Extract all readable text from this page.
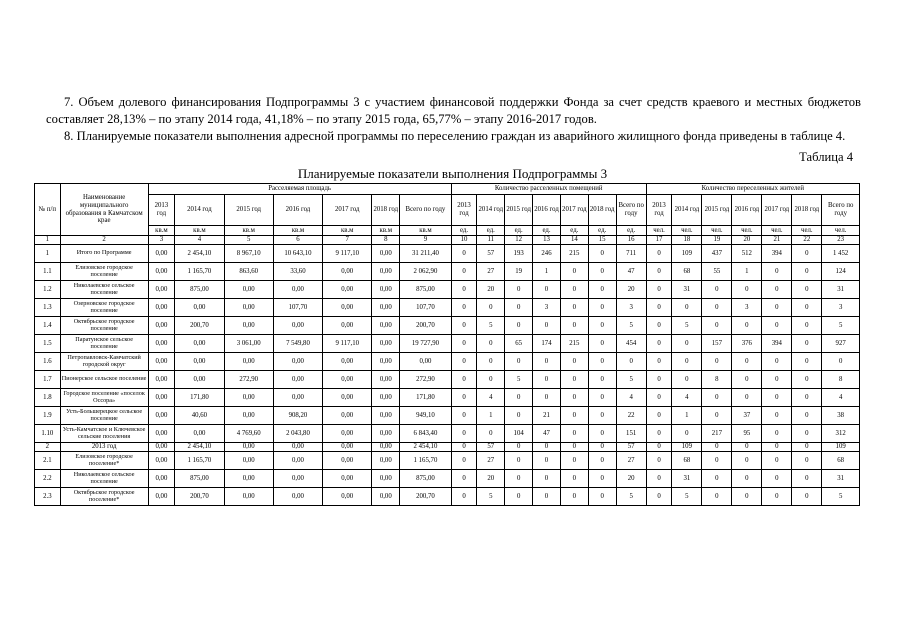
7. Объем долевого финансирования Подпрограммы 3 с участием финансовой поддержки Фонда за счет средств краевого и местных бюджетов составляет 28,13% – по этапу 2014 года, 41,18% – по этапу 2015 года, 65,77% – этапу 2016-2017 годов.

8. Планируемые показатели выполнения адресной программы по переселению граждан из аварийного жилищного фонда приведены в таблице 4.

Таблица 4
Планируемые показатели выполнения Подпрограммы 3
№ п/п	Наименование муниципального образования в Камчатском крае	Расселяемая площадь							Количество расселенных помещений							Количество переселенных жителей						
		2013 год	2014 год	2015 год	2016 год	2017 год	2018 год	Всего по году	2013 год	2014 год	2015 год	2016 год	2017 год	2018 год	Всего по году	2013 год	2014 год	2015 год	2016 год	2017 год	2018 год	Всего по году
		кв.м	кв.м	кв.м	кв.м	кв.м	кв.м	кв.м	ед.	ед.	ед.	ед.	ед.	ед.	ед.	чел.	чел.	чел.	чел.	чел.	чел.	чел.
1	2	3	4	5	6	7	8	9	10	11	12	13	14	15	16	17	18	19	20	21	22	23
1	Итого по Программе	0,00	2 454,10	8 967,10	10 643,10	9 117,10	0,00	31 211,40	0	57	193	246	215	0	711	0	109	437	512	394	0	1 452
1.1	Елизовское городское поселение	0,00	1 165,70	863,60	33,60	0,00	0,00	2 062,90	0	27	19	1	0	0	47	0	68	55	1	0	0	124
1.2	Николаевское сельское поселение	0,00	875,00	0,00	0,00	0,00	0,00	875,00	0	20	0	0	0	0	20	0	31	0	0	0	0	31
1.3	Озерновское городское поселение	0,00	0,00	0,00	107,70	0,00	0,00	107,70	0	0	0	3	0	0	3	0	0	0	3	0	0	3
1.4	Октябрьское городское поселение	0,00	200,70	0,00	0,00	0,00	0,00	200,70	0	5	0	0	0	0	5	0	5	0	0	0	0	5
1.5	Паратунское сельское поселение	0,00	0,00	3 061,00	7 549,80	9 117,10	0,00	19 727,90	0	0	65	174	215	0	454	0	0	157	376	394	0	927
1.6	Петропавловск-Камчатский городской округ	0,00	0,00	0,00	0,00	0,00	0,00	0,00	0	0	0	0	0	0	0	0	0	0	0	0	0	0
1.7	Пионерское сельское поселение	0,00	0,00	272,90	0,00	0,00	0,00	272,90	0	0	5	0	0	0	5	0	0	8	0	0	0	8
1.8	Городское поселение «поселок Оссора»	0,00	171,80	0,00	0,00	0,00	0,00	171,80	0	4	0	0	0	0	4	0	4	0	0	0	0	4
1.9	Усть-Большерецкое сельское поселение	0,00	40,60	0,00	908,20	0,00	0,00	949,10	0	1	0	21	0	0	22	0	1	0	37	0	0	38
1.10	Усть-Камчатское и Ключевское сельские поселения	0,00	0,00	4 769,60	2 043,80	0,00	0,00	6 843,40	0	0	104	47	0	0	151	0	0	217	95	0	0	312
2	2013 год	0,00	2 454,10	0,00	0,00	0,00	0,00	2 454,10	0	57	0	0	0	0	57	0	109	0	0	0	0	109
2.1	Елизовское городское поселение*	0,00	1 165,70	0,00	0,00	0,00	0,00	1 165,70	0	27	0	0	0	0	27	0	68	0	0	0	0	68
2.2	Николаевское сельское поселение	0,00	875,00	0,00	0,00	0,00	0,00	875,00	0	20	0	0	0	0	20	0	31	0	0	0	0	31
2.3	Октябрьское городское поселение*	0,00	200,70	0,00	0,00	0,00	0,00	200,70	0	5	0	0	0	0	5	0	5	0	0	0	0	5
